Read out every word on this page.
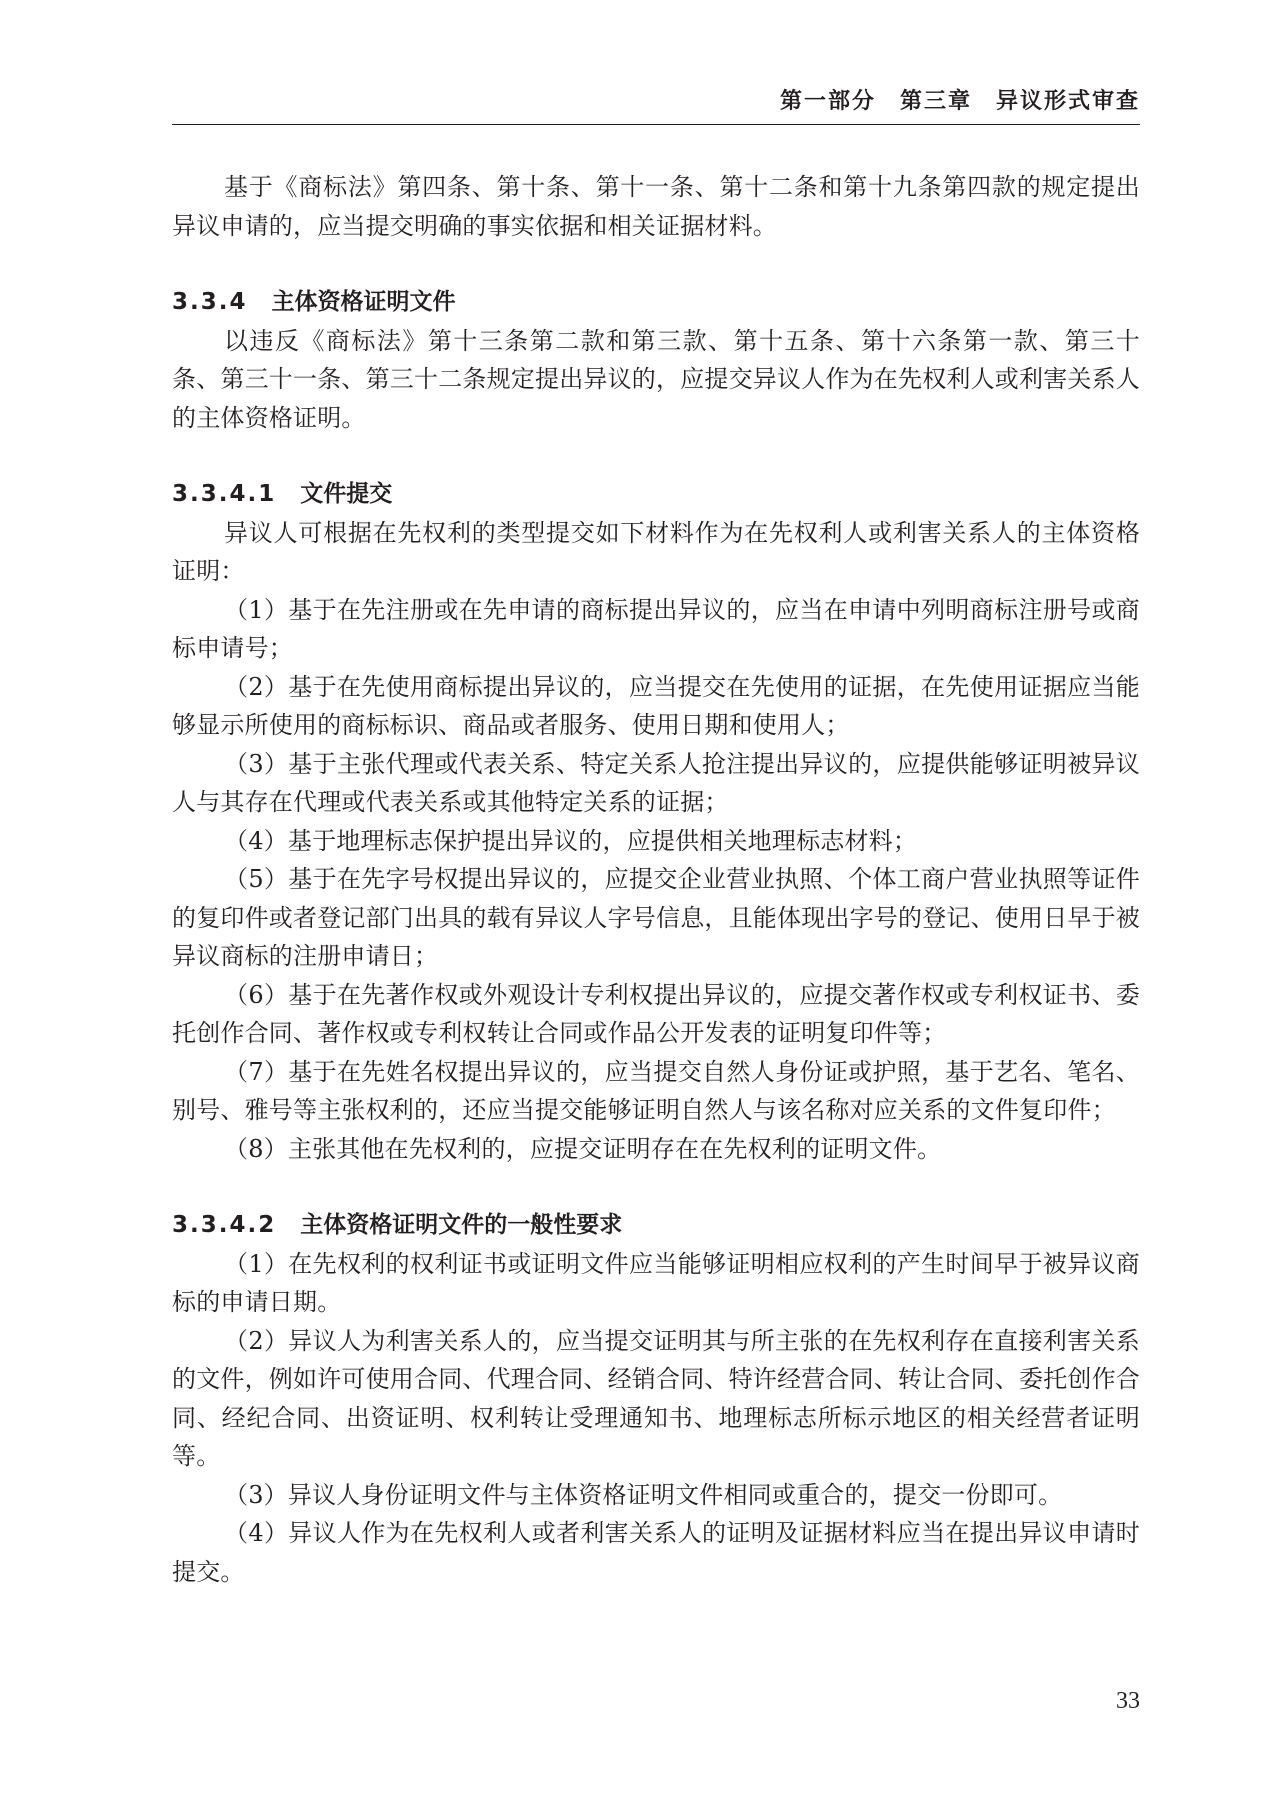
第一部分　第三章　异议形式审查

基于《商标法》第四条、第十条、第十一条、第十二条和第十九条第四款的规定提出异议申请的，应当提交明确的事实依据和相关证据材料。

3.3.4 主体资格证明文件

以违反《商标法》第十三条第二款和第三款、第十五条、第十六条第一款、第三十条、第三十一条、第三十二条规定提出异议的，应提交异议人作为在先权利人或利害关系人的主体资格证明。

3.3.4.1 文件提交

异议人可根据在先权利的类型提交如下材料作为在先权利人或利害关系人的主体资格证明：

（1）基于在先注册或在先申请的商标提出异议的，应当在申请中列明商标注册号或商标申请号；

（2）基于在先使用商标提出异议的，应当提交在先使用的证据，在先使用证据应当能够显示所使用的商标标识、商品或者服务、使用日期和使用人；

（3）基于主张代理或代表关系、特定关系人抢注提出异议的，应提供能够证明被异议人与其存在代理或代表关系或其他特定关系的证据；

（4）基于地理标志保护提出异议的，应提供相关地理标志材料；

（5）基于在先字号权提出异议的，应提交企业营业执照、个体工商户营业执照等证件的复印件或者登记部门出具的载有异议人字号信息，且能体现出字号的登记、使用日早于被异议商标的注册申请日；

（6）基于在先著作权或外观设计专利权提出异议的，应提交著作权或专利权证书、委托创作合同、著作权或专利权转让合同或作品公开发表的证明复印件等；

（7）基于在先姓名权提出异议的，应当提交自然人身份证或护照，基于艺名、笔名、别号、雅号等主张权利的，还应当提交能够证明自然人与该名称对应关系的文件复印件；

（8）主张其他在先权利的，应提交证明存在在先权利的证明文件。

3.3.4.2 主体资格证明文件的一般性要求

（1）在先权利的权利证书或证明文件应当能够证明相应权利的产生时间早于被异议商标的申请日期。

（2）异议人为利害关系人的，应当提交证明其与所主张的在先权利存在直接利害关系的文件，例如许可使用合同、代理合同、经销合同、特许经营合同、转让合同、委托创作合同、经纪合同、出资证明、权利转让受理通知书、地理标志所标示地区的相关经营者证明等。

（3）异议人身份证明文件与主体资格证明文件相同或重合的，提交一份即可。

（4）异议人作为在先权利人或者利害关系人的证明及证据材料应当在提出异议申请时提交。

33
